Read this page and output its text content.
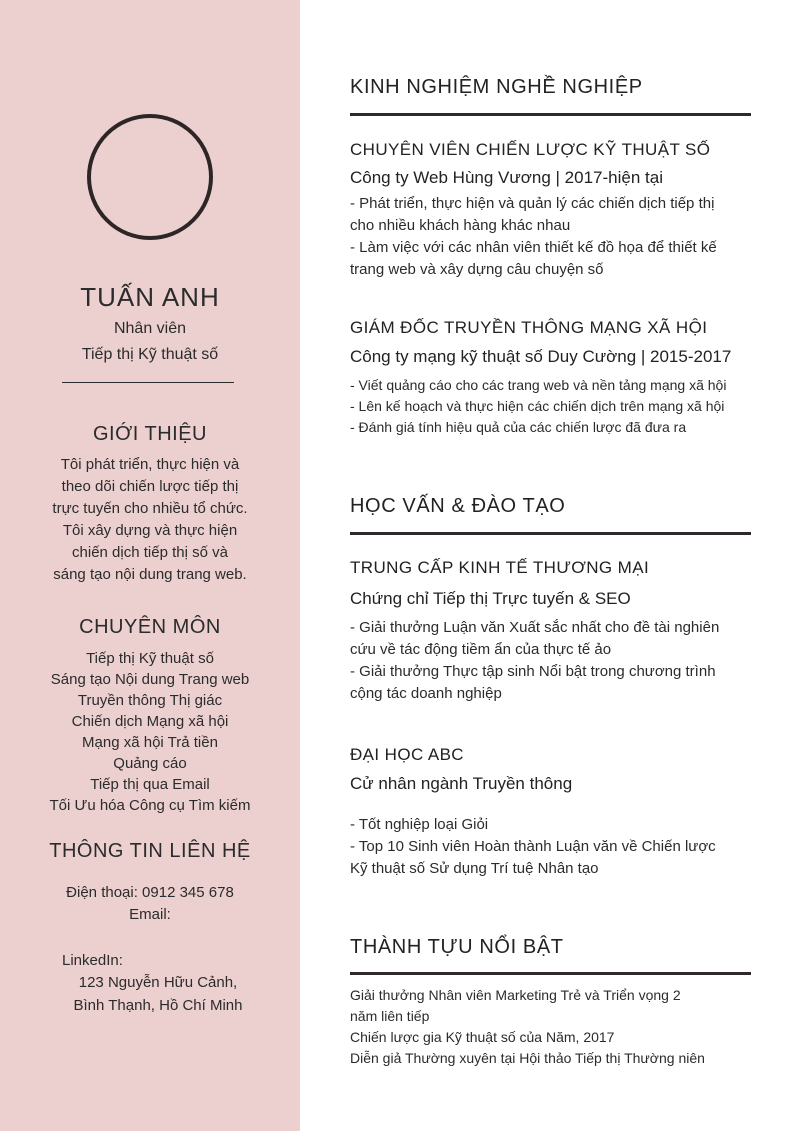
TUẤN ANH
Nhân viên
Tiếp thị Kỹ thuật số
GIỚI THIỆU
Tôi phát triển, thực hiện và
theo dõi chiến lược tiếp thị
trực tuyến cho nhiều tổ chức.
Tôi xây dựng và thực hiện
chiến dịch tiếp thị số và
sáng tạo nội dung trang web.
CHUYÊN MÔN
Tiếp thị Kỹ thuật số
Sáng tạo Nội dung Trang web
Truyền thông Thị giác
Chiến dịch Mạng xã hội
Mạng xã hội Trả tiền
Quảng cáo
Tiếp thị qua Email
Tối Ưu hóa Công cụ Tìm kiếm
THÔNG TIN LIÊN HỆ
Điện thoại: 0912 345 678
Email:
LinkedIn:
123 Nguyễn Hữu Cảnh,
Bình Thạnh, Hồ Chí Minh
KINH NGHIỆM NGHỀ NGHIỆP
CHUYÊN VIÊN CHIẾN LƯỢC KỸ THUẬT SỐ
Công ty Web Hùng Vương | 2017-hiện tại
- Phát triển, thực hiện và quản lý các chiến dịch tiếp thị
cho nhiều khách hàng khác nhau
- Làm việc với các nhân viên thiết kế đồ họa để thiết kế
trang web và xây dựng câu chuyện số
GIÁM ĐỐC TRUYỀN THÔNG MẠNG XÃ HỘI
Công ty mạng kỹ thuật số Duy Cường | 2015-2017
- Viết quảng cáo cho các trang web và nền tảng mạng xã hội
- Lên kế hoạch và thực hiện các chiến dịch trên mạng xã hội
- Đánh giá tính hiệu quả của các chiến lược đã đưa ra
HỌC VẤN & ĐÀO TẠO
TRUNG CẤP KINH TẾ THƯƠNG MẠI
Chứng chỉ Tiếp thị Trực tuyến & SEO
- Giải thưởng Luận văn Xuất sắc nhất cho đề tài nghiên
cứu về tác động tiềm ẩn của thực tế ảo
- Giải thưởng Thực tập sinh Nổi bật trong chương trình
cộng tác doanh nghiệp
ĐẠI HỌC ABC
Cử nhân ngành Truyền thông
- Tốt nghiệp loại Giỏi
- Top 10 Sinh viên Hoàn thành Luận văn về Chiến lược
Kỹ thuật số Sử dụng Trí tuệ Nhân tạo
THÀNH TỰU NỔI BẬT
Giải thưởng Nhân viên Marketing Trẻ và Triển vọng 2
năm liên tiếp
Chiến lược gia Kỹ thuật số của Năm, 2017
Diễn giả Thường xuyên tại Hội thảo Tiếp thị Thường niên
